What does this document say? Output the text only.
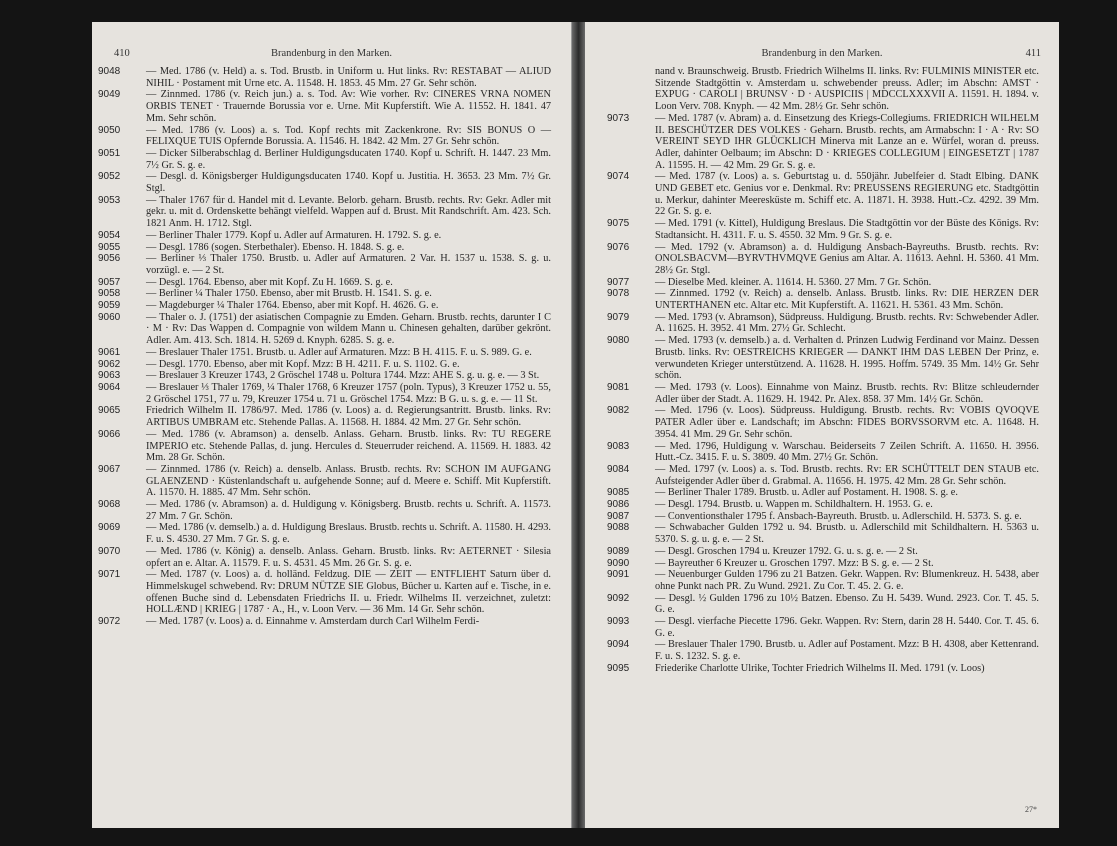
410	Brandenburg in den Marken.
9048	— Med. 1786 (v. Held) a. s. Tod. Brustb. in Uniform u. Hut links. Rv: RESTABAT — ALIUD NIHIL · Postament mit Urne etc. A. 11548. H. 1853. 45 Mm. 27 Gr. Sehr schön.
9049	— Zinnmed. 1786 (v. Reich jun.) a. s. Tod. Av: Wie vorher. Rv: CINERES VRNA NOMEN ORBIS TENET · Trauernde Borussia vor e. Urne. Mit Kupferstift. Wie A. 11552. H. 1841. 47 Mm. Sehr schön.
9050	— Med. 1786 (v. Loos) a. s. Tod. Kopf rechts mit Zackenkrone. Rv: SIS BONUS O — FELIXQUE TUIS Opfernde Borussia. A. 11546. H. 1842. 42 Mm. 27 Gr. Sehr schön.
9051	— Dicker Silberabschlag d. Berliner Huldigungsducaten 1740. Kopf u. Schrift. H. 1447. 23 Mm. 7½ Gr. S. g. e.
9052	— Desgl. d. Königsberger Huldigungsducaten 1740. Kopf u. Justitia. H. 3653. 23 Mm. 7½ Gr. Stgl.
9053	— Thaler 1767 für d. Handel mit d. Levante. Belorb. geharn. Brustb. rechts. Rv: Gekr. Adler mit gekr. u. mit d. Ordenskette behängt vielfeld. Wappen auf d. Brust. Mit Randschrift. Am. 423. Sch. 1821 Anm. H. 1712. Stgl.
9054	— Berliner Thaler 1779. Kopf u. Adler auf Armaturen. H. 1792. S. g. e.
9055	— Desgl. 1786 (sogen. Sterbethaler). Ebenso. H. 1848. S. g. e.
9056	— Berliner ⅓ Thaler 1750. Brustb. u. Adler auf Armaturen. 2 Var. H. 1537 u. 1538. S. g. u. vorzügl. e. — 2 St.
9057	— Desgl. 1764. Ebenso, aber mit Kopf. Zu H. 1669. S. g. e.
9058	— Berliner ¼ Thaler 1750. Ebenso, aber mit Brustb. H. 1541. S. g. e.
9059	— Magdeburger ¼ Thaler 1764. Ebenso, aber mit Kopf. H. 4626. G. e.
9060	— Thaler o. J. (1751) der asiatischen Compagnie zu Emden. Geharn. Brustb. rechts, darunter I C · M · Rv: Das Wappen d. Compagnie von wildem Mann u. Chinesen gehalten, darüber gekrönt. Adler. Am. 413. Sch. 1814. H. 5269 d. Knyph. 6285. S. g. e.
9061	— Breslauer Thaler 1751. Brustb. u. Adler auf Armaturen. Mzz: B H. 4115. F. u. S. 989. G. e.
9062	— Desgl. 1770. Ebenso, aber mit Kopf. Mzz: B H. 4211. F. u. S. 1102. G. e.
9063	— Breslauer 3 Kreuzer 1743, 2 Gröschel 1748 u. Poltura 1744. Mzz: AHE S. g. u. g. e. — 3 St.
9064	— Breslauer ⅓ Thaler 1769, ¼ Thaler 1768, 6 Kreuzer 1757 (poln. Typus), 3 Kreuzer 1752 u. 55, 2 Gröschel 1751, 77 u. 79, Kreuzer 1754 u. 71 u. Gröschel 1754. Mzz: B G. u. s. g. e. — 11 St.
9065	Friedrich Wilhelm II. 1786/97. Med. 1786 (v. Loos) a. d. Regierungsantritt. Brustb. links. Rv: ARTIBUS UMBRAM etc. Stehende Pallas. A. 11568. H. 1884. 42 Mm. 27 Gr. Sehr schön.
9066	— Med. 1786 (v. Abramson) a. denselb. Anlass. Geharn. Brustb. links. Rv: TU REGERE IMPERIO etc. Stehende Pallas, d. jung. Hercules d. Steuerruder reichend. A. 11569. H. 1883. 42 Mm. 28 Gr. Schön.
9067	— Zinnmed. 1786 (v. Reich) a. denselb. Anlass. Brustb. rechts. Rv: SCHON IM AUFGANG GLAENZEND · Küstenlandschaft u. aufgehende Sonne; auf d. Meere e. Schiff. Mit Kupferstift. A. 11570. H. 1885. 47 Mm. Sehr schön.
9068	— Med. 1786 (v. Abramson) a. d. Huldigung v. Königsberg. Brustb. rechts u. Schrift. A. 11573. 27 Mm. 7 Gr. Schön.
9069	— Med. 1786 (v. demselb.) a. d. Huldigung Breslaus. Brustb. rechts u. Schrift. A. 11580. H. 4293. F. u. S. 4530. 27 Mm. 7 Gr. S. g. e.
9070	— Med. 1786 (v. König) a. denselb. Anlass. Geharn. Brustb. links. Rv: AETERNET · Silesia opfert an e. Altar. A. 11579. F. u. S. 4531. 45 Mm. 26 Gr. S. g. e.
9071	— Med. 1787 (v. Loos) a. d. holländ. Feldzug. DIE — ZEIT — ENTFLIEHT Saturn über d. Himmelskugel schwebend. Rv: DRUM NÜTZE SIE Globus, Bücher u. Karten auf e. Tische, in e. offenen Buche sind d. Lebensdaten Friedrichs II. u. Friedr. Wilhelms II. verzeichnet, zuletzt: HOLLÆND | KRIEG | 1787 · A., H., v. Loon Verv. — 36 Mm. 14 Gr. Sehr schön.
9072	— Med. 1787 (v. Loos) a. d. Einnahme v. Amsterdam durch Carl Wilhelm Ferdi-
Brandenburg in den Marken.	411
nand v. Braunschweig. Brustb. Friedrich Wilhelms II. links. Rv: FULMINIS MINISTER etc. Sitzende Stadtgöttin v. Amsterdam u. schwebender preuss. Adler; im Abschn: AMST · EXPUG · CAROLI | BRUNSV · D · AUSPICIIS | MDCCLXXXVII A. 11591. H. 1894. v. Loon Verv. 708. Knyph. — 42 Mm. 28½ Gr. Sehr schön.
9073	— Med. 1787 (v. Abram) a. d. Einsetzung des Kriegs-Collegiums. FRIEDRICH WILHELM II. BESCHÜTZER DES VOLKES · Geharn. Brustb. rechts, am Armabschn: I · A · Rv: SO VEREINT SEYD IHR GLÜCKLICH Minerva mit Lanze an e. Würfel, woran d. preuss. Adler, dahinter Oelbaum; im Abschn: D · KRIEGES COLLEGIUM | EINGESETZT | 1787 A. 11595. H. — 42 Mm. 29 Gr. S. g. e.
9074	— Med. 1787 (v. Loos) a. s. Geburtstag u. d. 550jähr. Jubelfeier d. Stadt Elbing. DANK UND GEBET etc. Genius vor e. Denkmal. Rv: PREUSSENS REGIERUNG etc. Stadtgöttin u. Merkur, dahinter Meeresküste m. Schiff etc. A. 11871. H. 3938. Hutt.-Cz. 4292. 39 Mm. 22 Gr. S. g. e.
9075	— Med. 1791 (v. Kittel), Huldigung Breslaus. Die Stadtgöttin vor der Büste des Königs. Rv: Stadtansicht. H. 4311. F. u. S. 4550. 32 Mm. 9 Gr. S. g. e.
9076	— Med. 1792 (v. Abramson) a. d. Huldigung Ansbach-Bayreuths. Brustb. rechts. Rv: ONOLSBACVM—BYRVTHVMQVE Genius am Altar. A. 11613. Aehnl. H. 5360. 41 Mm. 28½ Gr. Stgl.
9077	— Dieselbe Med. kleiner. A. 11614. H. 5360. 27 Mm. 7 Gr. Schön.
9078	— Zinnmed. 1792 (v. Reich) a. denselb. Anlass. Brustb. links. Rv: DIE HERZEN DER UNTERTHANEN etc. Altar etc. Mit Kupferstift. A. 11621. H. 5361. 43 Mm. Schön.
9079	— Med. 1793 (v. Abramson), Südpreuss. Huldigung. Brustb. rechts. Rv: Schwebender Adler. A. 11625. H. 3952. 41 Mm. 27½ Gr. Schlecht.
9080	— Med. 1793 (v. demselb.) a. d. Verhalten d. Prinzen Ludwig Ferdinand vor Mainz. Dessen Brustb. links. Rv: OESTREICHS KRIEGER — DANKT IHM DAS LEBEN Der Prinz, e. verwundeten Krieger unterstützend. A. 11628. H. 1995. Hoffm. 5749. 35 Mm. 14½ Gr. Sehr schön.
9081	— Med. 1793 (v. Loos). Einnahme von Mainz. Brustb. rechts. Rv: Blitze schleudernder Adler über der Stadt. A. 11629. H. 1942. Pr. Alex. 858. 37 Mm. 14½ Gr. Schön.
9082	— Med. 1796 (v. Loos). Südpreuss. Huldigung. Brustb. rechts. Rv: VOBIS QVOQVE PATER Adler über e. Landschaft; im Abschn: FIDES BORVSSORVM etc. A. 11648. H. 3954. 41 Mm. 29 Gr. Sehr schön.
9083	— Med. 1796, Huldigung v. Warschau. Beiderseits 7 Zeilen Schrift. A. 11650. H. 3956. Hutt.-Cz. 3415. F. u. S. 3809. 40 Mm. 27½ Gr. Schön.
9084	— Med. 1797 (v. Loos) a. s. Tod. Brustb. rechts. Rv: ER SCHÜTTELT DEN STAUB etc. Aufsteigender Adler über d. Grabmal. A. 11656. H. 1975. 42 Mm. 28 Gr. Sehr schön.
9085	— Berliner Thaler 1789. Brustb. u. Adler auf Postament. H. 1908. S. g. e.
9086	— Desgl. 1794. Brustb. u. Wappen m. Schildhaltern. H. 1953. G. e.
9087	— Conventionsthaler 1795 f. Ansbach-Bayreuth. Brustb. u. Adlerschild. H. 5373. S. g. e.
9088	— Schwabacher Gulden 1792 u. 94. Brustb. u. Adlerschild mit Schildhaltern. H. 5363 u. 5370. S. g. u. g. e. — 2 St.
9089	— Desgl. Groschen 1794 u. Kreuzer 1792. G. u. s. g. e. — 2 St.
9090	— Bayreuther 6 Kreuzer u. Groschen 1797. Mzz: B S. g. e. — 2 St.
9091	— Neuenburger Gulden 1796 zu 21 Batzen. Gekr. Wappen. Rv: Blumenkreuz. H. 5438, aber ohne Punkt nach PR. Zu Wund. 2921. Zu Cor. T. 45. 2. G. e.
9092	— Desgl. ½ Gulden 1796 zu 10½ Batzen. Ebenso. Zu H. 5439. Wund. 2923. Cor. T. 45. 5. G. e.
9093	— Desgl. vierfache Piecette 1796. Gekr. Wappen. Rv: Stern, darin 28 H. 5440. Cor. T. 45. 6. G. e.
9094	— Breslauer Thaler 1790. Brustb. u. Adler auf Postament. Mzz: B H. 4308, aber Kettenrand. F. u. S. 1232. S. g. e.
9095	Friederike Charlotte Ulrike, Tochter Friedrich Wilhelms II. Med. 1791 (v. Loos)
27*
